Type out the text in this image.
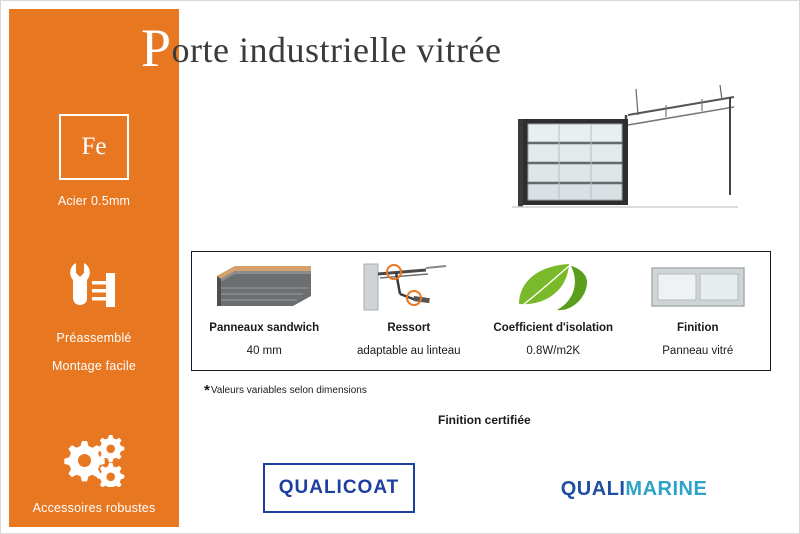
Fe
Acier 0.5mm
Préassemblé
Montage facile
Accessoires robustes
Porte industrielle vitrée
Panneaux sandwich
40 mm
Ressort
adaptable au linteau
Coefficient d'isolation
0.8W/m2K
Finition
Panneau vitré
*Valeurs variables selon dimensions
Finition certifiée
QUALICOAT	QUALI MARINE
